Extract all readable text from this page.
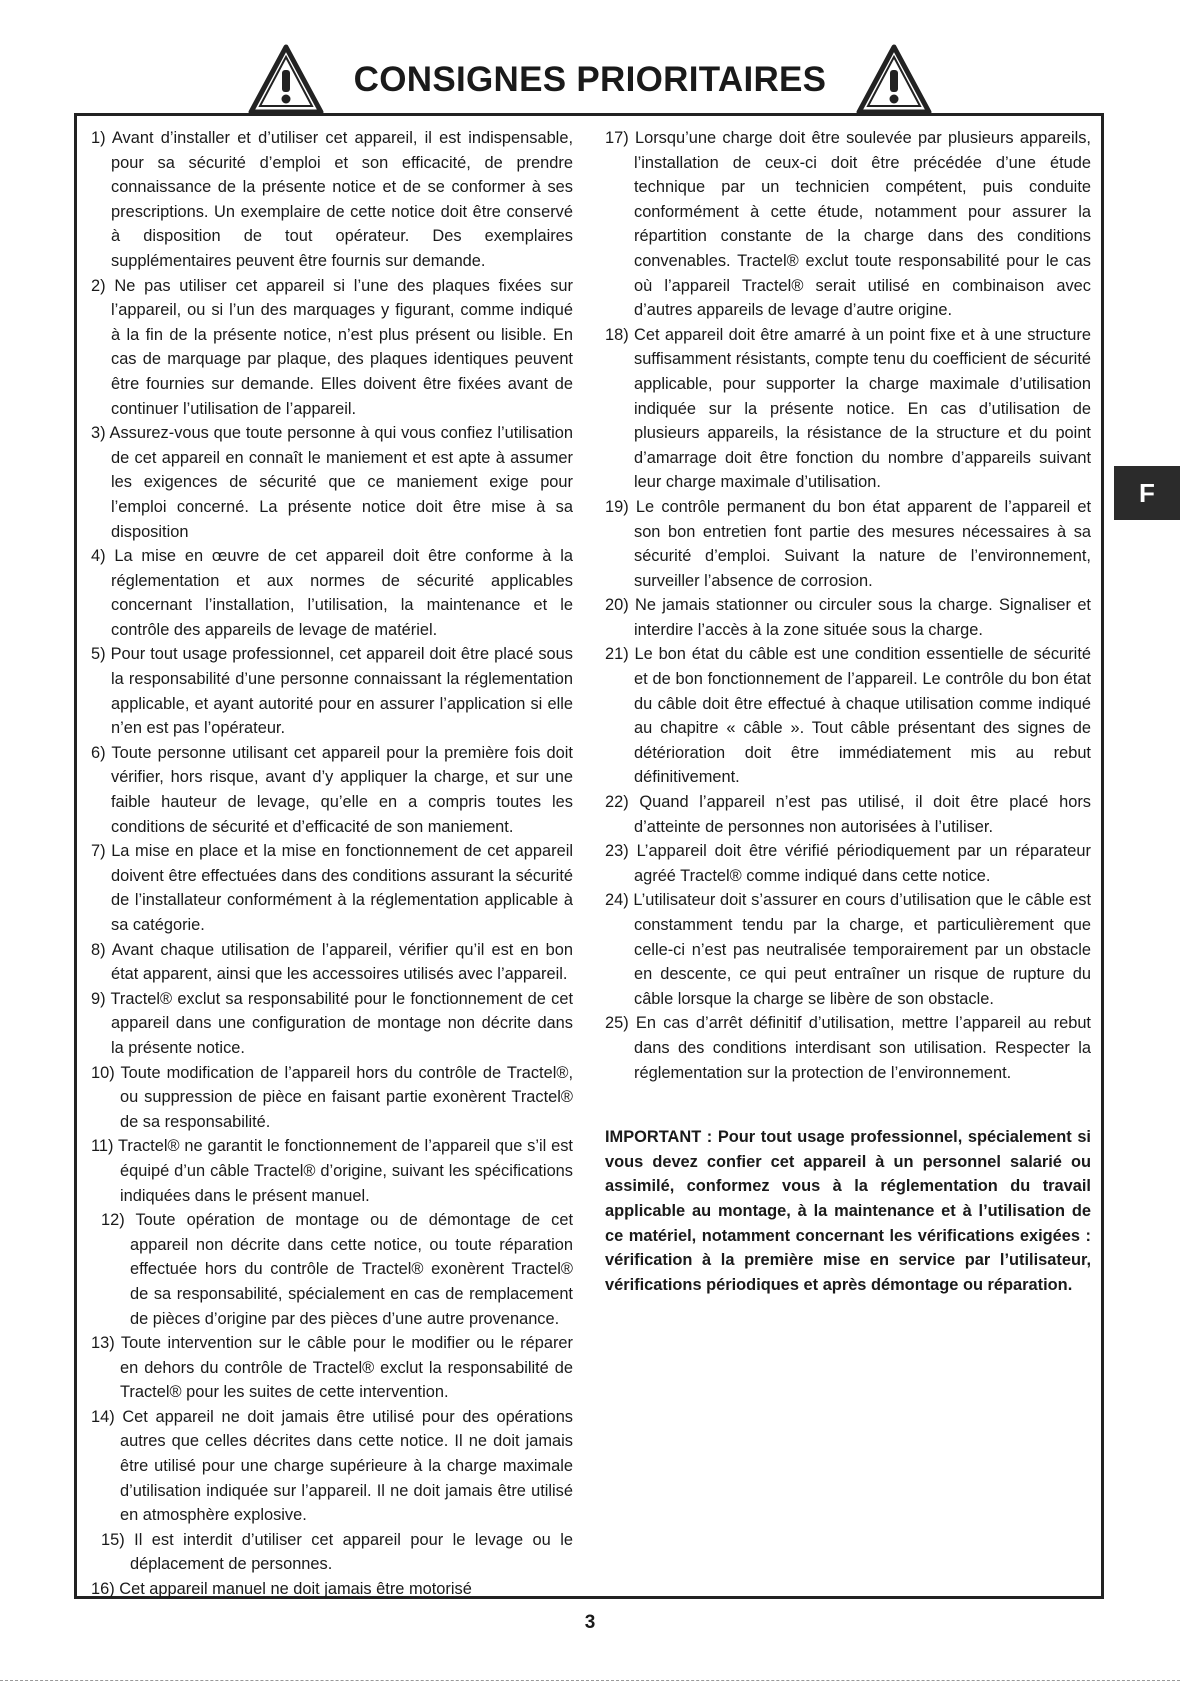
CONSIGNES PRIORITAIRES
1) Avant d’installer et d’utiliser cet appareil, il est indispensable, pour sa sécurité d’emploi et son efficacité, de prendre connaissance de la présente notice et de se conformer à ses prescriptions. Un exemplaire de cette notice doit être conservé à disposition de tout opérateur. Des exemplaires supplémentaires peuvent être fournis sur demande.
2) Ne pas utiliser cet appareil si l’une des plaques fixées sur l’appareil, ou si l’un des marquages y figurant, comme indiqué à la fin de la présente notice, n’est plus présent ou lisible. En cas de marquage par plaque, des plaques identiques peuvent être fournies sur demande. Elles doivent être fixées avant de continuer l’utilisation de l’appareil.
3) Assurez-vous que toute personne à qui vous confiez l’utilisation de cet appareil en connaît le maniement et est apte à assumer les exigences de sécurité que ce maniement exige pour l’emploi concerné. La présente notice doit être mise à sa disposition
4) La mise en œuvre de cet appareil doit être conforme à la réglementation et aux normes de sécurité applicables concernant l’installation, l’utilisation, la maintenance et le contrôle des appareils de levage de matériel.
5) Pour tout usage professionnel, cet appareil doit être placé sous la responsabilité d’une personne connaissant la réglementation applicable, et ayant autorité pour en assurer l’application si elle n’en est pas l’opérateur.
6) Toute personne utilisant cet appareil pour la première fois doit vérifier, hors risque, avant d’y appliquer la charge, et sur une faible hauteur de levage, qu’elle en a compris toutes les conditions de sécurité et d’efficacité de son maniement.
7) La mise en place et la mise en fonctionnement de cet appareil doivent être effectuées dans des conditions assurant la sécurité de l’installateur conformément à la réglementation applicable à sa catégorie.
8) Avant chaque utilisation de l’appareil, vérifier qu’il est en bon état apparent, ainsi que les accessoires utilisés avec l’appareil.
9) Tractel® exclut sa responsabilité pour le fonctionnement de cet appareil dans une configuration de montage non décrite dans la présente notice.
10) Toute modification de l’appareil hors du contrôle de Tractel®, ou suppression de pièce en faisant partie exonèrent Tractel® de sa responsabilité.
11) Tractel® ne garantit le fonctionnement de l’appareil que s’il est équipé d’un câble Tractel® d’origine, suivant les spécifications indiquées dans le présent manuel.
12) Toute opération de montage ou de démontage de cet appareil non décrite dans cette notice, ou toute réparation effectuée hors du contrôle de Tractel® exonèrent Tractel® de sa responsabilité, spécialement en cas de remplacement de pièces d’origine par des pièces d’une autre provenance.
13) Toute intervention sur le câble pour le modifier ou le réparer en dehors du contrôle de Tractel® exclut la responsabilité de Tractel® pour les suites de cette intervention.
14) Cet appareil ne doit jamais être utilisé pour des opérations autres que celles décrites dans cette notice. Il ne doit jamais être utilisé pour une charge supérieure à la charge maximale d’utilisation indiquée sur l’appareil. Il ne doit jamais être utilisé en atmosphère explosive.
15) Il est interdit d’utiliser cet appareil pour le levage ou le déplacement de personnes.
16) Cet appareil manuel ne doit jamais être motorisé
17) Lorsqu’une charge doit être soulevée par plusieurs appareils, l’installation de ceux-ci doit être précédée d’une étude technique par un technicien compétent, puis conduite conformément à cette étude, notamment pour assurer la répartition constante de la charge dans des conditions convenables. Tractel® exclut toute responsabilité pour le cas où l’appareil Tractel® serait utilisé en combinaison avec d’autres appareils de levage d’autre origine.
18) Cet appareil doit être amarré à un point fixe et à une structure suffisamment résistants, compte tenu du coefficient de sécurité applicable, pour supporter la charge maximale d’utilisation indiquée sur la présente notice. En cas d’utilisation de plusieurs appareils, la résistance de la structure et du point d’amarrage doit être fonction du nombre d’appareils suivant leur charge maximale d’utilisation.
19) Le contrôle permanent du bon état apparent de l’appareil et son bon entretien font partie des mesures nécessaires à sa sécurité d’emploi. Suivant la nature de l’environnement, surveiller l’absence de corrosion.
20) Ne jamais stationner ou circuler sous la charge. Signaliser et interdire l’accès à la zone située sous la charge.
21) Le bon état du câble est une condition essentielle de sécurité et de bon fonctionnement de l’appareil. Le contrôle du bon état du câble doit être effectué à chaque utilisation comme indiqué au chapitre « câble ». Tout câble présentant des signes de détérioration doit être immédiatement mis au rebut définitivement.
22) Quand l’appareil n’est pas utilisé, il doit être placé hors d’atteinte de personnes non autorisées à l’utiliser.
23) L’appareil doit être vérifié périodiquement par un réparateur agréé Tractel® comme indiqué dans cette notice.
24) L’utilisateur doit s’assurer en cours d’utilisation que le câble est constamment tendu par la charge, et particulièrement que celle-ci n’est pas neutralisée temporairement par un obstacle en descente, ce qui peut entraîner un risque de rupture du câble lorsque la charge se libère de son obstacle.
25) En cas d’arrêt définitif d’utilisation, mettre l’appareil au rebut dans des conditions interdisant son utilisation. Respecter la réglementation sur la protection de l’environnement.
IMPORTANT : Pour tout usage professionnel, spécialement si vous devez confier cet appareil à un personnel salarié ou assimilé, conformez vous à la réglementation du travail applicable au montage, à la maintenance et à l’utilisation de ce matériel, notamment concernant les vérifications exigées : vérification à la première mise en service par l’utilisateur, vérifications périodiques et après démontage ou réparation.
F
3
